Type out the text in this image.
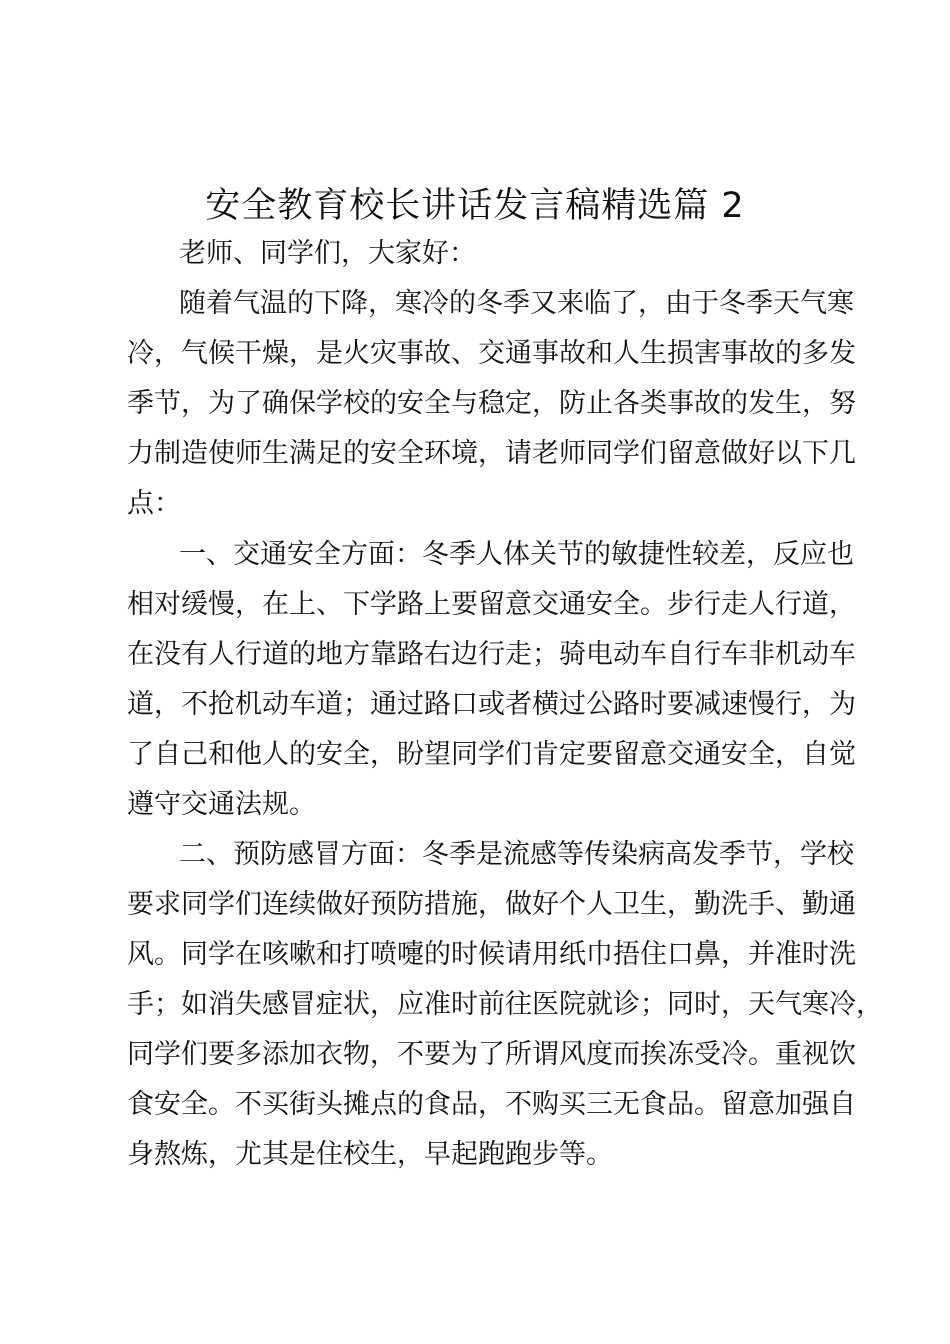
安全教育校长讲话发言稿精选篇 2
老师、同学们，大家好：
随着气温的下降，寒冷的冬季又来临了，由于冬季天气寒
冷，气候干燥，是火灾事故、交通事故和人生损害事故的多发
季节，为了确保学校的安全与稳定，防止各类事故的发生，努
力制造使师生满足的安全环境，请老师同学们留意做好以下几
点：
一、交通安全方面：冬季人体关节的敏捷性较差，反应也
相对缓慢，在上、下学路上要留意交通安全。步行走人行道，
在没有人行道的地方靠路右边行走；骑电动车自行车非机动车
道，不抢机动车道；通过路口或者横过公路时要减速慢行，为
了自己和他人的安全，盼望同学们肯定要留意交通安全，自觉
遵守交通法规。
二、预防感冒方面：冬季是流感等传染病高发季节，学校
要求同学们连续做好预防措施，做好个人卫生，勤洗手、勤通
风。同学在咳嗽和打喷嚏的时候请用纸巾捂住口鼻，并准时洗
手；如消失感冒症状，应准时前往医院就诊；同时，天气寒冷，
同学们要多添加衣物，不要为了所谓风度而挨冻受冷。重视饮
食安全。不买街头摊点的食品，不购买三无食品。留意加强自
身熬炼，尤其是住校生，早起跑跑步等。
